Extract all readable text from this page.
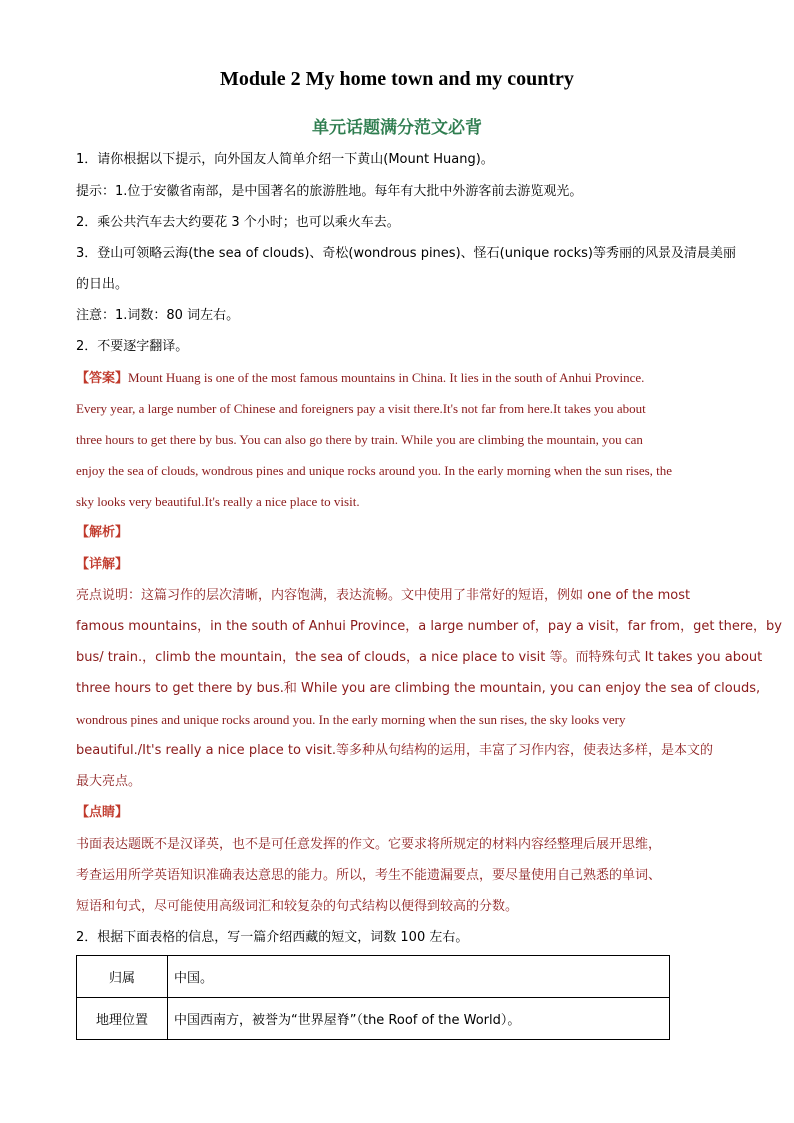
Module 2 My home town and my country
单元话题满分范文必背
1．请你根据以下提示，向外国友人简单介绍一下黄山(Mount Huang)。
提示：1.位于安徽省南部，是中国著名的旅游胜地。每年有大批中外游客前去游览观光。
2．乘公共汽车去大约要花 3 个小时；也可以乘火车去。
3．登山可领略云海(the sea of clouds)、奇松(wondrous pines)、怪石(unique rocks)等秀丽的风景及清晨美丽
的日出。
注意：1.词数：80 词左右。
2．不要逐字翻译。
【答案】Mount Huang is one of the most famous mountains in China. It lies in the south of Anhui Province.
Every year, a large number of Chinese and foreigners pay a visit there.It's not far from here.It takes you about
three hours to get there by bus. You can also go there by train. While you are climbing the mountain, you can
enjoy the sea of clouds, wondrous pines and unique rocks around you. In the early morning when the sun rises, the
sky looks very beautiful.It's really a nice place to visit.
【解析】
【详解】
亮点说明：这篇习作的层次清晰，内容饱满，表达流畅。文中使用了非常好的短语，例如 one of the most
famous mountains，in the south of Anhui Province，a large number of，pay a visit，far from，get there，by
bus/ train.，climb the mountain，the sea of clouds，a nice place to visit 等。而特殊句式 It takes you about
three hours to get there by bus.和 While you are climbing the mountain, you can enjoy the sea of clouds,
wondrous pines and unique rocks around you. In the early morning when the sun rises, the sky looks very
beautiful./It's really a nice place to visit.等多种从句结构的运用，丰富了习作内容，使表达多样，是本文的
最大亮点。
【点睛】
书面表达题既不是汉译英，也不是可任意发挥的作文。它要求将所规定的材料内容经整理后展开思维，
考查运用所学英语知识准确表达意思的能力。所以，考生不能遗漏要点，要尽量使用自己熟悉的单词、
短语和句式，尽可能使用高级词汇和较复杂的句式结构以便得到较高的分数。
2．根据下面表格的信息，写一篇介绍西藏的短文，词数 100 左右。
归属	中国。
地理位置	中国西南方，被誉为“世界屋脊”（the Roof of the World）。
